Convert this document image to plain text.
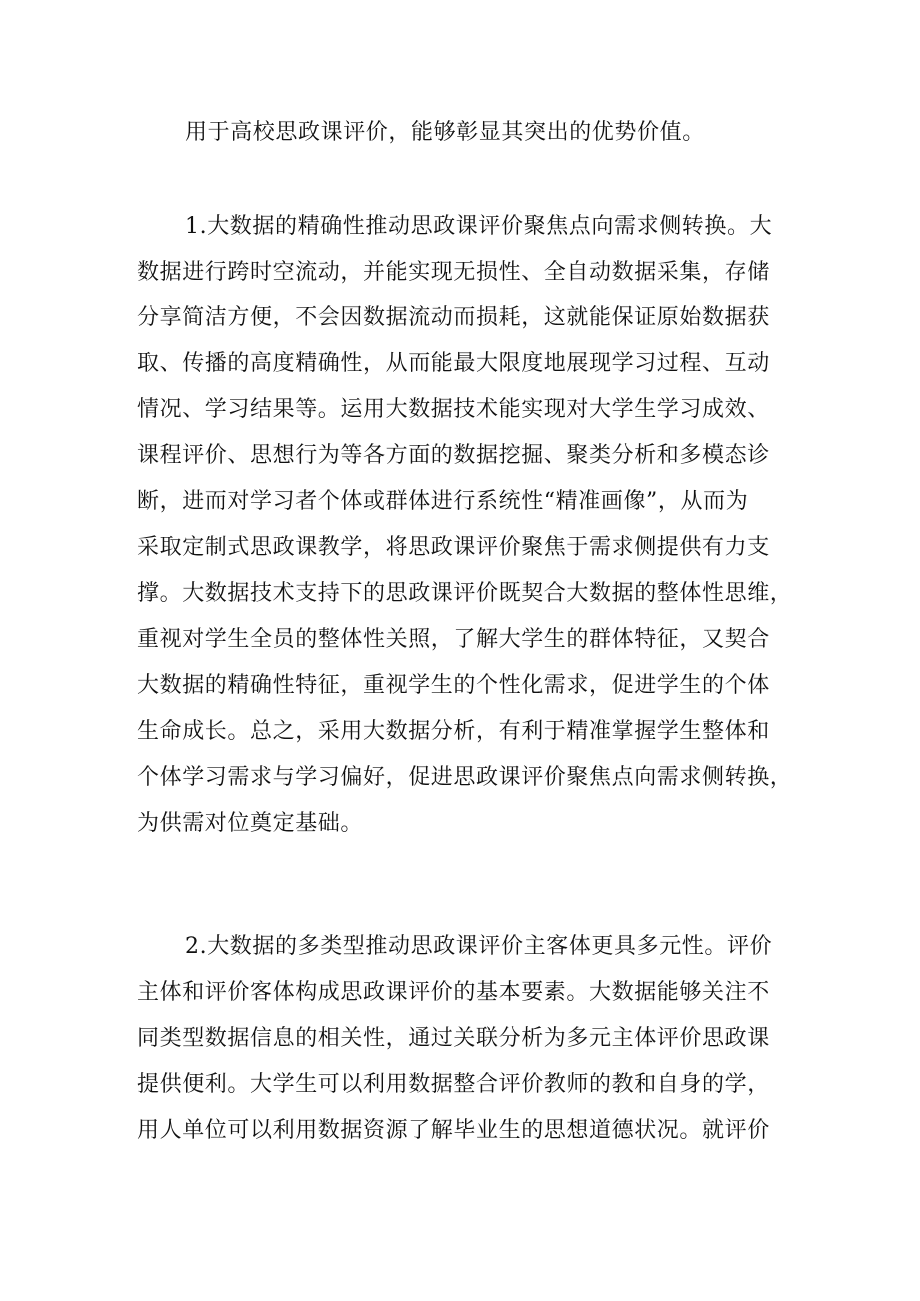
用于高校思政课评价，能够彰显其突出的优势价值。
1.大数据的精确性推动思政课评价聚焦点向需求侧转换。大
数据进行跨时空流动，并能实现无损性、全自动数据采集，存储
分享简洁方便，不会因数据流动而损耗，这就能保证原始数据获
取、传播的高度精确性，从而能最大限度地展现学习过程、互动
情况、学习结果等。运用大数据技术能实现对大学生学习成效、
课程评价、思想行为等各方面的数据挖掘、聚类分析和多模态诊
断，进而对学习者个体或群体进行系统性“精准画像”，从而为
采取定制式思政课教学，将思政课评价聚焦于需求侧提供有力支
撑。大数据技术支持下的思政课评价既契合大数据的整体性思维，
重视对学生全员的整体性关照，了解大学生的群体特征，又契合
大数据的精确性特征，重视学生的个性化需求，促进学生的个体
生命成长。总之，采用大数据分析，有利于精准掌握学生整体和
个体学习需求与学习偏好，促进思政课评价聚焦点向需求侧转换，
为供需对位奠定基础。
2.大数据的多类型推动思政课评价主客体更具多元性。评价
主体和评价客体构成思政课评价的基本要素。大数据能够关注不
同类型数据信息的相关性，通过关联分析为多元主体评价思政课
提供便利。大学生可以利用数据整合评价教师的教和自身的学，
用人单位可以利用数据资源了解毕业生的思想道德状况。就评价
